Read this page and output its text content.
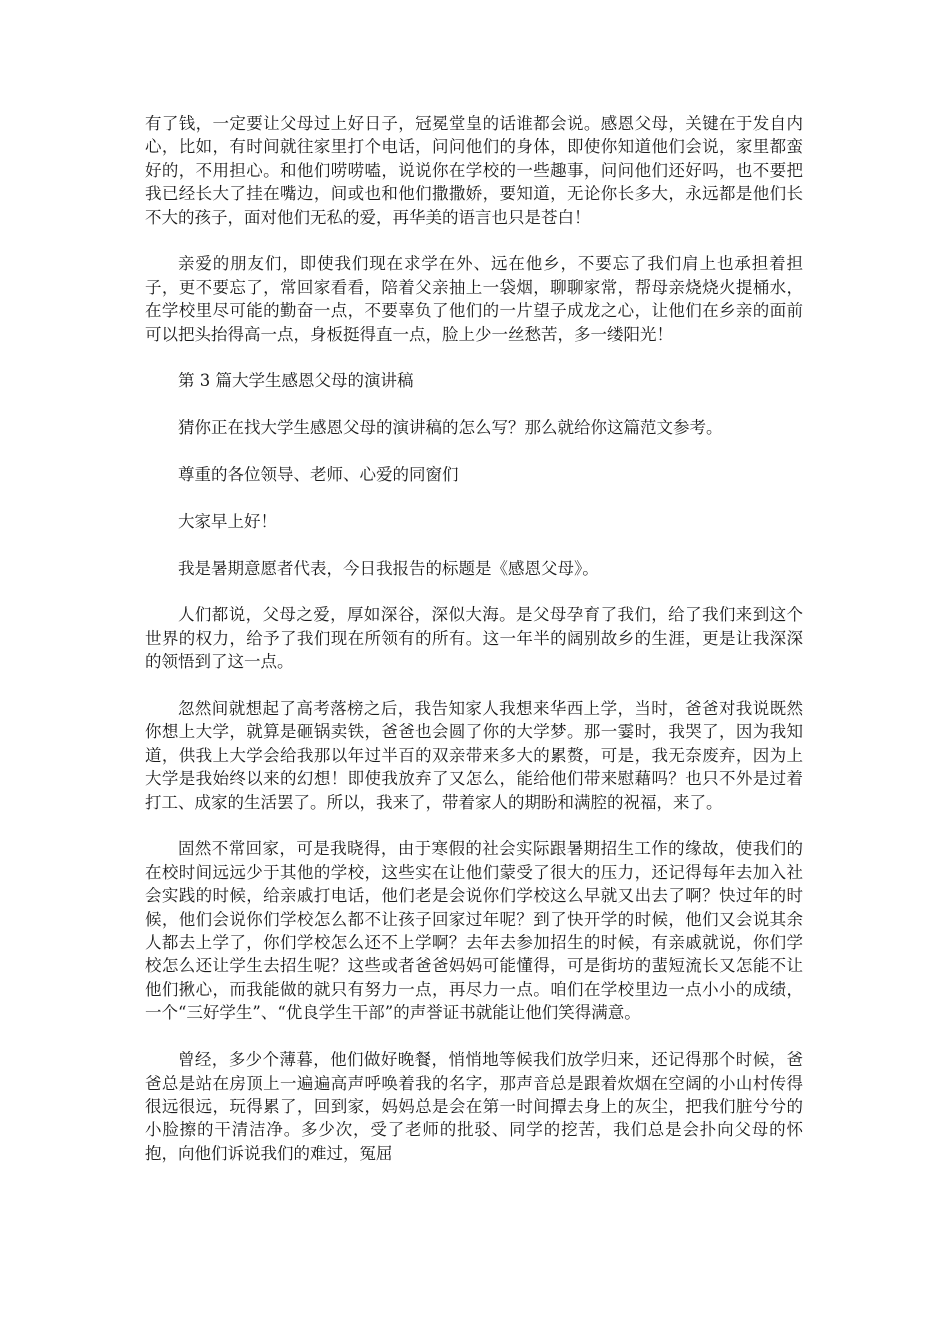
有了钱，一定要让父母过上好日子，冠冕堂皇的话谁都会说。感恩父母，关键在于发自内心，比如，有时间就往家里打个电话，问问他们的身体，即使你知道他们会说，家里都蛮好的，不用担心。和他们唠唠嗑，说说你在学校的一些趣事，问问他们还好吗，也不要把我已经长大了挂在嘴边，间或也和他们撒撒娇，要知道，无论你长多大，永远都是他们长不大的孩子，面对他们无私的爱，再华美的语言也只是苍白！

亲爱的朋友们，即使我们现在求学在外、远在他乡，不要忘了我们肩上也承担着担子，更不要忘了，常回家看看，陪着父亲抽上一袋烟，聊聊家常，帮母亲烧烧火提桶水，在学校里尽可能的勤奋一点，不要辜负了他们的一片望子成龙之心，让他们在乡亲的面前可以把头抬得高一点，身板挺得直一点，脸上少一丝愁苦，多一缕阳光！

第 3 篇大学生感恩父母的演讲稿

猜你正在找大学生感恩父母的演讲稿的怎么写？那么就给你这篇范文参考。

尊重的各位领导、老师、心爱的同窗们

大家早上好！

我是暑期意愿者代表，今日我报告的标题是《感恩父母》。

人们都说，父母之爱，厚如深谷，深似大海。是父母孕育了我们，给了我们来到这个世界的权力，给予了我们现在所领有的所有。这一年半的阔别故乡的生涯，更是让我深深的领悟到了这一点。

忽然间就想起了高考落榜之后，我告知家人我想来华西上学，当时，爸爸对我说既然你想上大学，就算是砸锅卖铁，爸爸也会圆了你的大学梦。那一霎时，我哭了，因为我知道，供我上大学会给我那以年过半百的双亲带来多大的累赘，可是，我无奈废弃，因为上大学是我始终以来的幻想！即使我放弃了又怎么，能给他们带来慰藉吗？也只不外是过着打工、成家的生活罢了。所以，我来了，带着家人的期盼和满腔的祝福，来了。

固然不常回家，可是我晓得，由于寒假的社会实际跟暑期招生工作的缘故，使我们的在校时间远远少于其他的学校，这些实在让他们蒙受了很大的压力，还记得每年去加入社会实践的时候，给亲戚打电话，他们老是会说你们学校这么早就又出去了啊？快过年的时候，他们会说你们学校怎么都不让孩子回家过年呢？到了快开学的时候，他们又会说其余人都去上学了，你们学校怎么还不上学啊？去年去参加招生的时候，有亲戚就说，你们学校怎么还让学生去招生呢？这些或者爸爸妈妈可能懂得，可是街坊的蜚短流长又怎能不让他们揪心，而我能做的就只有努力一点，再尽力一点。咱们在学校里边一点小小的成绩，一个“三好学生”、“优良学生干部”的声誉证书就能让他们笑得满意。

曾经，多少个薄暮，他们做好晚餐，悄悄地等候我们放学归来，还记得那个时候，爸爸总是站在房顶上一遍遍高声呼唤着我的名字，那声音总是跟着炊烟在空阔的小山村传得很远很远，玩得累了，回到家，妈妈总是会在第一时间撢去身上的灰尘，把我们脏兮兮的小脸擦的干清洁净。多少次，受了老师的批驳、同学的挖苦，我们总是会扑向父母的怀抱，向他们诉说我们的难过，冤屈
